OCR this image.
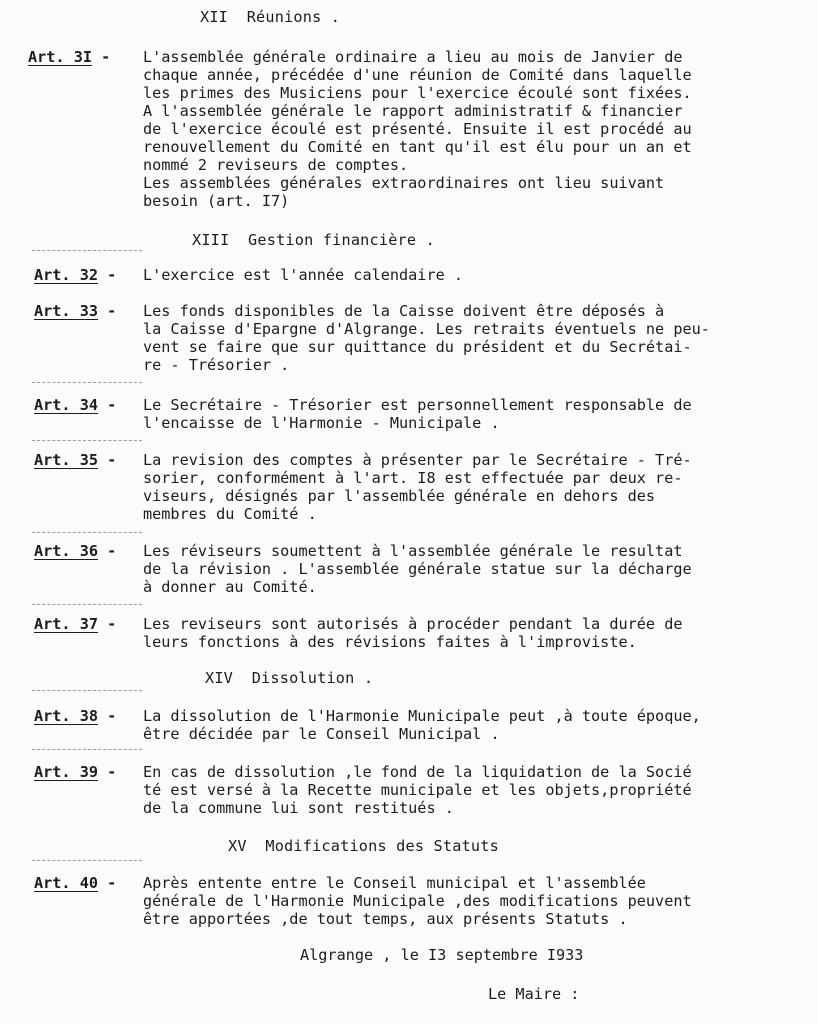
XII  Réunions .
Art. 3I - L'assemblée générale ordinaire a lieu au mois de Janvier de
chaque année, précédée d'une réunion de Comité dans laquelle
les primes des Musiciens pour l'exercice écoulé sont fixées.
A l'assemblée générale le rapport administratif & financier
de l'exercice écoulé est présenté. Ensuite il est procédé au
renouvellement du Comité en tant qu'il est élu pour un an et
nommé 2 reviseurs de comptes.
Les assemblées générales extraordinaires ont lieu suivant
besoin (art. I7)
XIII  Gestion financière .
Art. 32 - L'exercice est l'année calendaire .
Art. 33 - Les fonds disponibles de la Caisse doivent être déposés à
la Caisse d'Epargne d'Algrange. Les retraits éventuels ne peu-
vent se faire que sur quittance du président et du Secrétai-
re - Trésorier .
Art. 34 - Le Secrétaire - Trésorier est personnellement responsable de
l'encaisse de l'Harmonie - Municipale .
Art. 35 - La revision des comptes à présenter par le Secrétaire - Tré-
sorier, conformément à l'art. I8 est effectuée par deux re-
viseurs, désignés par l'assemblée générale en dehors des
membres du Comité .
Art. 36 - Les réviseurs soumettent à l'assemblée générale le resultat
de la révision . L'assemblée générale statue sur la décharge
à donner au Comité.
Art. 37 - Les reviseurs sont autorisés à procéder pendant la durée de
leurs fonctions à des révisions faites à l'improviste.
XIV  Dissolution .
Art. 38 - La dissolution de l'Harmonie Municipale peut ,à toute époque,
être décidée par le Conseil Municipal .
Art. 39 - En cas de dissolution ,le fond de la liquidation de la Socié
té est versé à la Recette municipale et les objets,propriété
de la commune lui sont restitués .
XV  Modifications des Statuts
Art. 40 - Après entente entre le Conseil municipal et l'assemblée
générale de l'Harmonie Municipale ,des modifications peuvent
être apportées ,de tout temps, aux présents Statuts .
Algrange , le I3 septembre I933
Le Maire :
